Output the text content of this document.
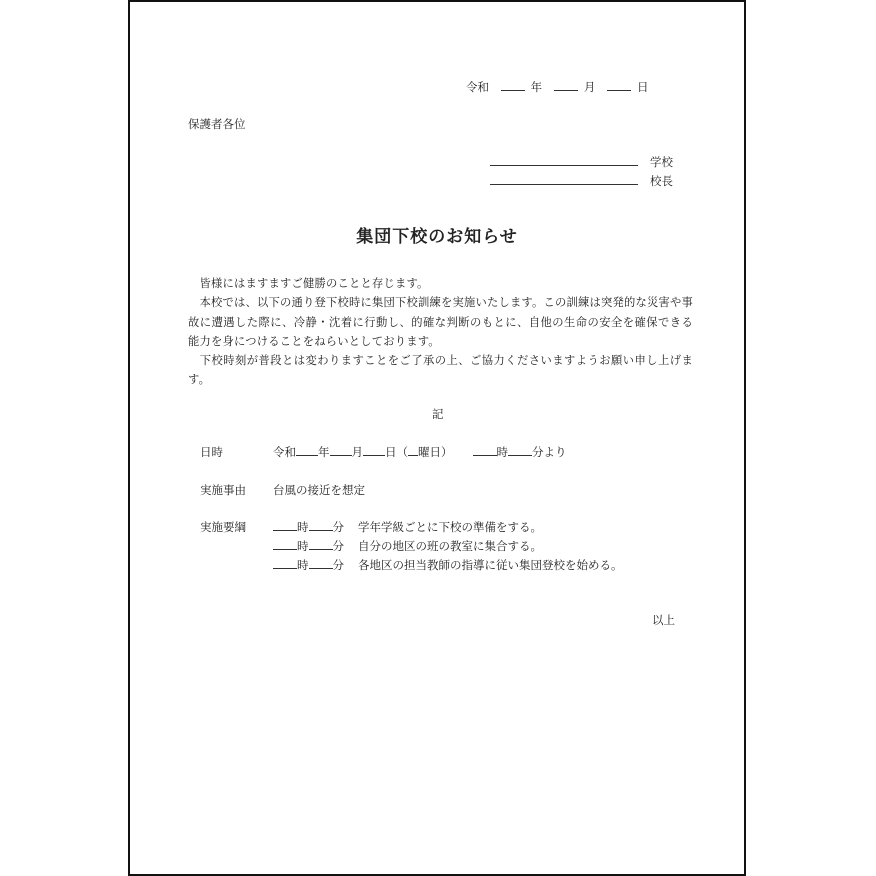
令和	年	月	日
保護者各位
学校
校長
集団下校のお知らせ

　皆様にはますますご健勝のことと存じます。

　本校では、以下の通り登下校時に集団下校訓練を実施いたします。この訓練は突発的な災害や事故に遭遇した際に、冷静・沈着に行動し、的確な判断のもとに、自他の生命の安全を確保できる能力を身につけることをねらいとしております。

　下校時刻が普段とは変わりますことをご了承の上、ご協力くださいますようお願い申し上げます。

記
日時	令和 年 月 日（ 曜日）	時 分より
実施事由 台風の接近を想定
実施要綱	時 分 学年学級ごとに下校の準備をする。
時 分 自分の地区の班の教室に集合する。
時 分 各地区の担当教師の指導に従い集団登校を始める。
以上
